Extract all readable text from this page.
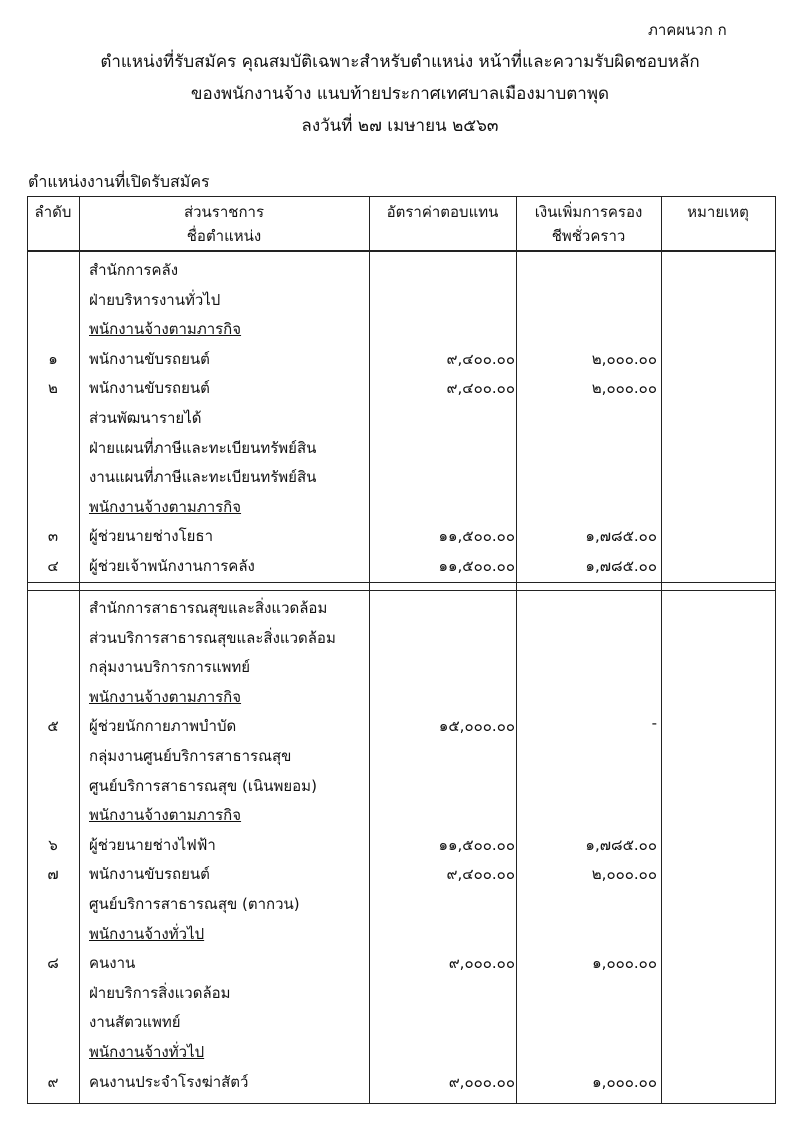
ภาคผนวก ก
ตำแหน่งที่รับสมัคร คุณสมบัติเฉพาะสำหรับตำแหน่ง หน้าที่และความรับผิดชอบหลัก
ของพนักงานจ้าง แนบท้ายประกาศเทศบาลเมืองมาบตาพุด
ลงวันที่ ๒๗ เมษายน ๒๕๖๓
ตำแหน่งงานที่เปิดรับสมัคร
ลำดับ	ส่วนราชการ
ชื่อตำแหน่ง
อัตราค่าตอบแทน	เงินเพิ่มการครอง
ชีพชั่วคราว
หมายเหตุ
สำนักการคลัง
ฝ่ายบริหารงานทั่วไป
พนักงานจ้างตามภารกิจ
๑	พนักงานขับรถยนต์	๙,๔๐๐.๐๐	๒,๐๐๐.๐๐
๒	พนักงานขับรถยนต์	๙,๔๐๐.๐๐	๒,๐๐๐.๐๐
ส่วนพัฒนารายได้
ฝ่ายแผนที่ภาษีและทะเบียนทรัพย์สิน
งานแผนที่ภาษีและทะเบียนทรัพย์สิน
พนักงานจ้างตามภารกิจ
๓	ผู้ช่วยนายช่างโยธา	๑๑,๕๐๐.๐๐	๑,๗๘๕.๐๐
๔	ผู้ช่วยเจ้าพนักงานการคลัง	๑๑,๕๐๐.๐๐	๑,๗๘๕.๐๐
สำนักการสาธารณสุขและสิ่งแวดล้อม
ส่วนบริการสาธารณสุขและสิ่งแวดล้อม
กลุ่มงานบริการการแพทย์
พนักงานจ้างตามภารกิจ
๕	ผู้ช่วยนักกายภาพบำบัด	๑๕,๐๐๐.๐๐	-
กลุ่มงานศูนย์บริการสาธารณสุข
ศูนย์บริการสาธารณสุข (เนินพยอม)
พนักงานจ้างตามภารกิจ
๖	ผู้ช่วยนายช่างไฟฟ้า	๑๑,๕๐๐.๐๐	๑,๗๘๕.๐๐
๗	พนักงานขับรถยนต์	๙,๔๐๐.๐๐	๒,๐๐๐.๐๐
ศูนย์บริการสาธารณสุข (ตากวน)
พนักงานจ้างทั่วไป
๘	คนงาน	๙,๐๐๐.๐๐	๑,๐๐๐.๐๐
ฝ่ายบริการสิ่งแวดล้อม
งานสัตวแพทย์
พนักงานจ้างทั่วไป
๙	คนงานประจำโรงฆ่าสัตว์	๙,๐๐๐.๐๐	๑,๐๐๐.๐๐
